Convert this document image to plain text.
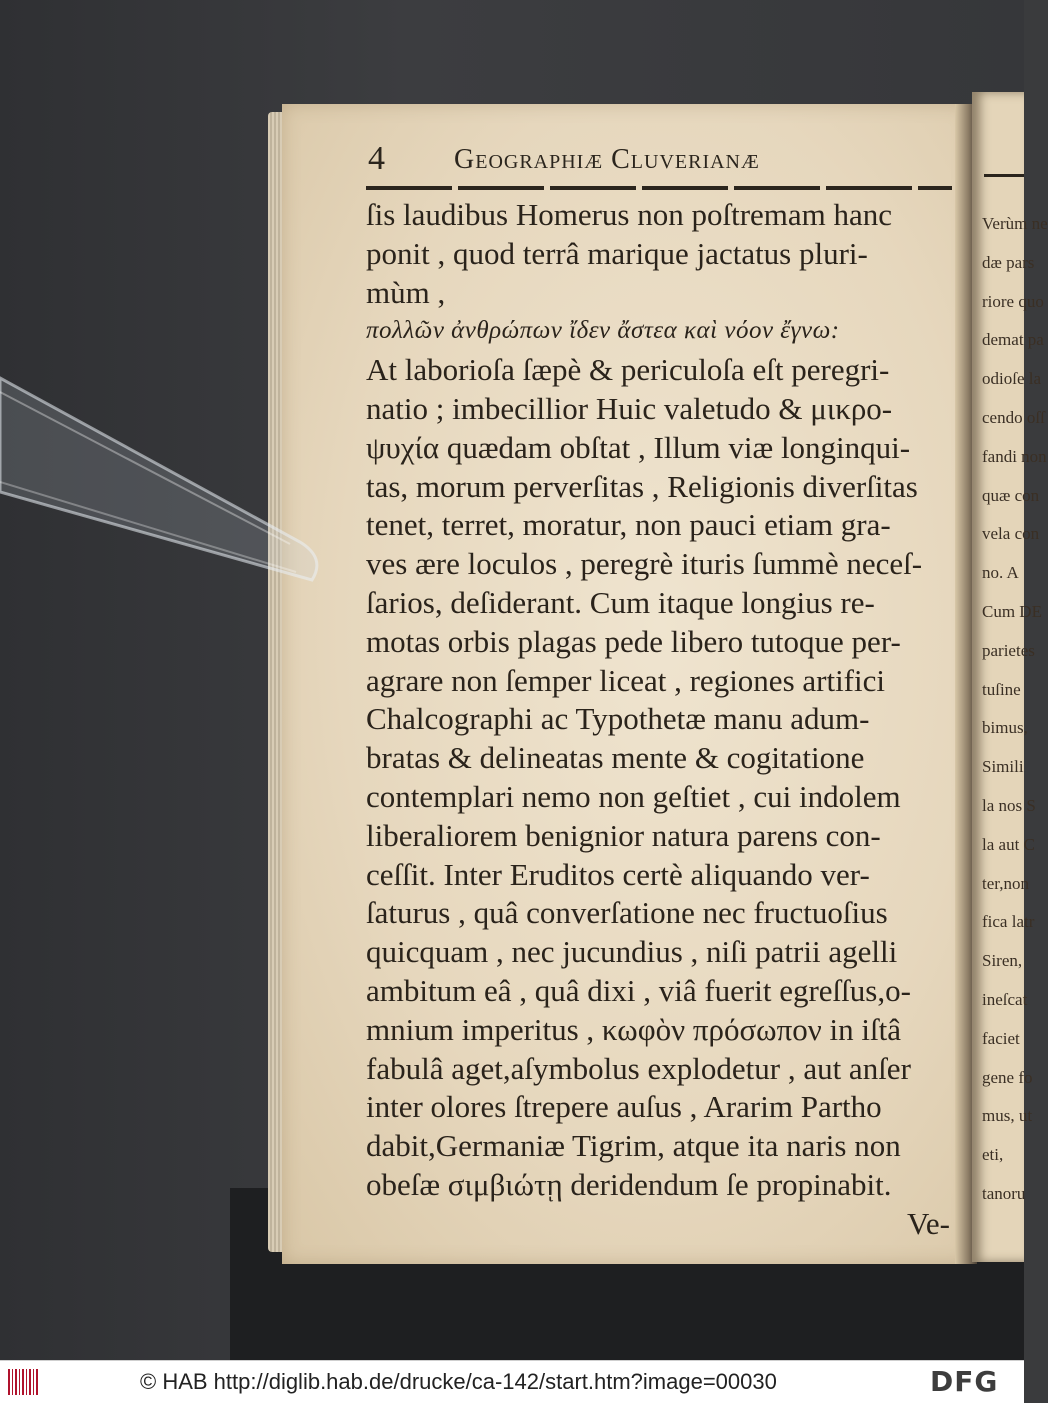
Verùm ne
dæ pars
riore quo
demat pa
odioſe la
cendo oſſ
fandi non
quæ con
vela con
no. A
Cum DE
parietes
tuſine
bimus,
Simili
la nos S
la aut C
ter,non
fica latr
Siren,
ineſcat
faciet
gene fo
mus, ut
eti,
tanoru
4 Geographiæ Cluverianæ
ſis laudibus Homerus non poſtremam hanc
ponit , quod terrâ marique jactatus pluri-
mùm ,
πολλῶν ἀνθρώπων ἴδεν ἄστεα καὶ νόον ἔγνω:
At laborioſa ſæpè & periculoſa eſt peregri-
natio ; imbecillior Huic valetudo & μικρο-
ψυχία quædam obſtat , Illum viæ longinqui-
tas, morum perverſitas , Religionis diverſitas
tenet, terret, moratur, non pauci etiam gra-
ves ære loculos , peregrè ituris ſummè neceſ-
ſarios, deſiderant. Cum itaque longius re-
motas orbis plagas pede libero tutoque per-
agrare non ſemper liceat , regiones artifici
Chalcographi ac Typothetæ manu adum-
bratas & delineatas mente & cogitatione
contemplari nemo non geſtiet , cui indolem
liberaliorem benignior natura parens con-
ceſſit. Inter Eruditos certè aliquando ver-
ſaturus , quâ converſatione nec fructuoſius
quicquam , nec jucundius , niſi patrii agelli
ambitum eâ , quâ dixi , viâ fuerit egreſſus,o-
mnium imperitus , κωφὸν πρόσωπον in iſtâ
fabulâ aget,aſymbolus explodetur , aut anſer
inter olores ſtrepere auſus , Ararim Partho
dabit,Germaniæ Tigrim, atque ita naris non
obeſæ σιμβιώτῃ deridendum ſe propinabit.
Ve-
© HAB http://diglib.hab.de/drucke/ca-142/start.htm?image=00030	DFG
